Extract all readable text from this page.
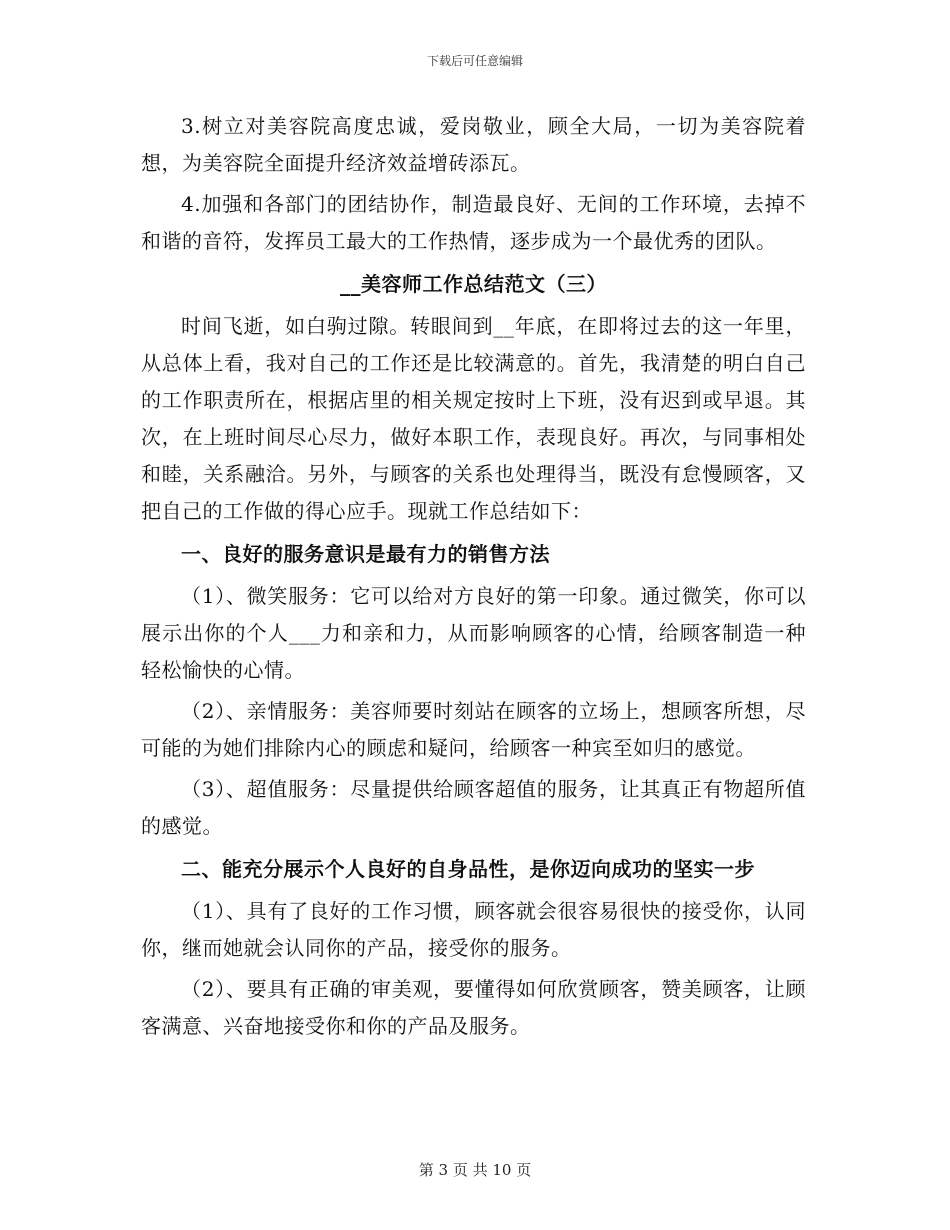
下载后可任意编辑

3.树立对美容院高度忠诚，爱岗敬业，顾全大局，一切为美容院着想，为美容院全面提升经济效益增砖添瓦。

4.加强和各部门的团结协作，制造最良好、无间的工作环境，去掉不和谐的音符，发挥员工最大的工作热情，逐步成为一个最优秀的团队。

__美容师工作总结范文（三）

时间飞逝，如白驹过隙。转眼间到__年底，在即将过去的这一年里，从总体上看，我对自己的工作还是比较满意的。首先，我清楚的明白自己的工作职责所在，根据店里的相关规定按时上下班，没有迟到或早退。其次，在上班时间尽心尽力，做好本职工作，表现良好。再次，与同事相处和睦，关系融洽。另外，与顾客的关系也处理得当，既没有怠慢顾客，又把自己的工作做的得心应手。现就工作总结如下：

一、良好的服务意识是最有力的销售方法

（1）、微笑服务：它可以给对方良好的第一印象。通过微笑，你可以展示出你的个人___力和亲和力，从而影响顾客的心情，给顾客制造一种轻松愉快的心情。

（2）、亲情服务：美容师要时刻站在顾客的立场上，想顾客所想，尽可能的为她们排除内心的顾虑和疑问，给顾客一种宾至如归的感觉。

（3）、超值服务：尽量提供给顾客超值的服务，让其真正有物超所值的感觉。

二、能充分展示个人良好的自身品性，是你迈向成功的坚实一步

（1）、具有了良好的工作习惯，顾客就会很容易很快的接受你，认同你，继而她就会认同你的产品，接受你的服务。

（2）、要具有正确的审美观，要懂得如何欣赏顾客，赞美顾客，让顾客满意、兴奋地接受你和你的产品及服务。

第 3 页 共 10 页
